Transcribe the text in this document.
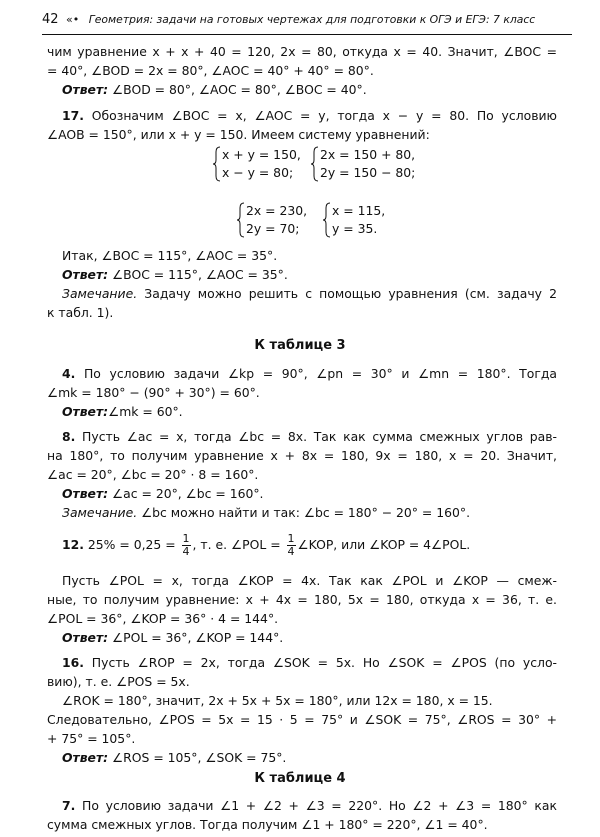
42 «• Геометрия: задачи на готовых чертежах для подготовки к ОГЭ и ЕГЭ: 7 класс
чим уравнение x + x + 40 = 120, 2x = 80, откуда x = 40. Значит, ∠BOC =
= 40°, ∠BOD = 2x = 80°, ∠AOC = 40° + 40° = 80°.
Ответ: ∠BOD = 80°, ∠AOC = 80°, ∠BOC = 40°.
17. Обозначим ∠BOC = x, ∠AOC = y, тогда x − y = 80. По условию
∠AOB = 150°, или x + y = 150. Имеем систему уравнений:
x + y = 150,
x − y = 80;
2x = 150 + 80,
2y = 150 − 80;
2x = 230,
2y = 70;
x = 115,
y = 35.
Итак, ∠BOC = 115°, ∠AOC = 35°.
Ответ: ∠BOC = 115°, ∠AOC = 35°.
Замечание. Задачу можно решить с помощью уравнения (см. задачу 2
к табл. 1).
К таблице 3
4. По условию задачи ∠kp = 90°, ∠pn = 30° и ∠mn = 180°. Тогда
∠mk = 180° − (90° + 30°) = 60°.
Ответ:∠mk = 60°.
8. Пусть ∠ac = x, тогда ∠bc = 8x. Так как сумма смежных углов рав-
на 180°, то получим уравнение x + 8x = 180, 9x = 180, x = 20. Значит,
∠ac = 20°, ∠bc = 20° · 8 = 160°.
Ответ: ∠ac = 20°, ∠bc = 160°.
Замечание. ∠bc можно найти и так: ∠bc = 180° − 20° = 160°.
12. $25\% = 0,25 = \frac{1}{4}$ , т. е. ∠POL = $\frac{1}{4}$ ∠KOP, или ∠KOP = 4∠POL.
Пусть ∠POL = x, тогда ∠KOP = 4x. Так как ∠POL и ∠KOP — смеж-
ные, то получим уравнение: x + 4x = 180, 5x = 180, откуда x = 36, т. е.
∠POL = 36°, ∠KOP = 36° · 4 = 144°.
Ответ: ∠POL = 36°, ∠KOP = 144°.
16. Пусть ∠ROP = 2x, тогда ∠SOK = 5x. Но ∠SOK = ∠POS (по усло-
вию), т. е. ∠POS = 5x.
∠ROK = 180°, значит, 2x + 5x + 5x = 180°, или 12x = 180, x = 15.
Следовательно, ∠POS = 5x = 15 · 5 = 75° и ∠SOK = 75°, ∠ROS = 30° +
+ 75° = 105°.
Ответ: ∠ROS = 105°, ∠SOK = 75°.
К таблице 4
7. По условию задачи ∠1 + ∠2 + ∠3 = 220°. Но ∠2 + ∠3 = 180° как
сумма смежных углов. Тогда получим ∠1 + 180° = 220°, ∠1 = 40°.
